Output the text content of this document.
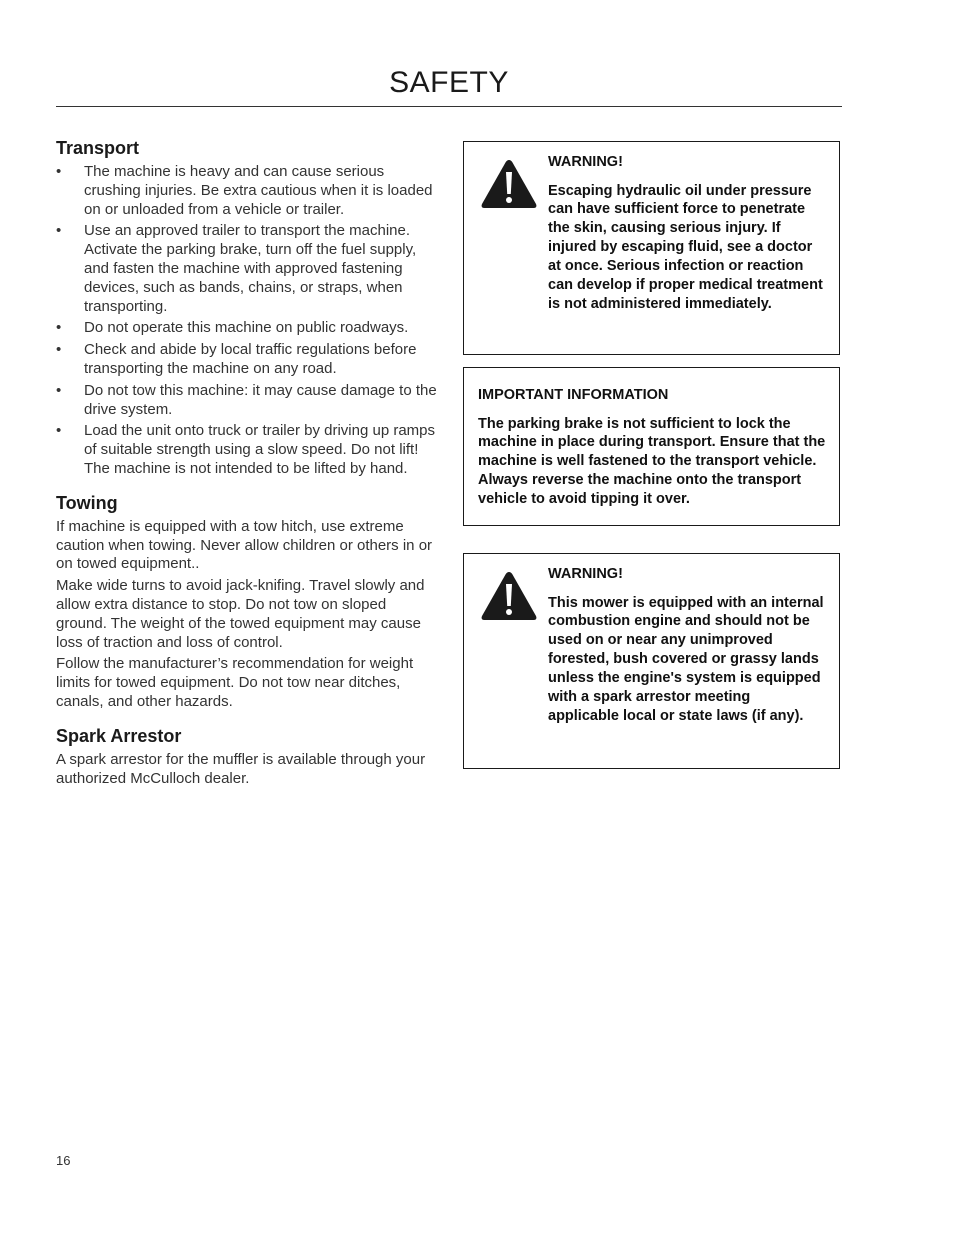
SAFETY
Transport
• The machine is heavy and can cause serious crushing injuries. Be extra cautious when it is loaded on or unloaded from a vehicle or trailer.
• Use an approved trailer to transport the machine. Activate the parking brake, turn off the fuel supply, and fasten the machine with approved fastening devices, such as bands, chains, or straps, when transporting.
• Do not operate this machine on public roadways.
• Check and abide by local traffic regulations before transporting the machine on any road.
• Do not tow this machine: it may cause damage to the drive system.
• Load the unit onto truck or trailer by driving up ramps of suitable strength using a slow speed. Do not lift! The machine is not intended to be lifted by hand.
Towing

If machine is equipped with a tow hitch, use extreme caution when towing. Never allow children or others in or on towed equipment..

Make wide turns to avoid jack-knifing. Travel slowly and allow extra distance to stop. Do not tow on sloped ground. The weight of the towed equipment may cause loss of traction and loss of control.

Follow the manufacturer’s recommendation for weight limits for towed equipment. Do not tow near ditches, canals, and other hazards.

Spark Arrestor

A spark arrestor for the muffler is available through your authorized McCulloch dealer.

WARNING!

Escaping hydraulic oil under pressure can have sufficient force to penetrate the skin, causing serious injury. If injured by escaping fluid, see a doctor at once. Serious infection or reaction can develop if proper medical treatment is not administered immediately.

IMPORTANT INFORMATION

The parking brake is not sufficient to lock the machine in place during transport. Ensure that the machine is well fastened to the transport vehicle. Always reverse the machine onto the transport vehicle to avoid tipping it over.

WARNING!

This mower is equipped with an internal combustion engine and should not be used on or near any unimproved forested, bush covered or grassy lands unless the engine's system is equipped with a spark arrestor meeting applicable local or state laws (if any).

16
